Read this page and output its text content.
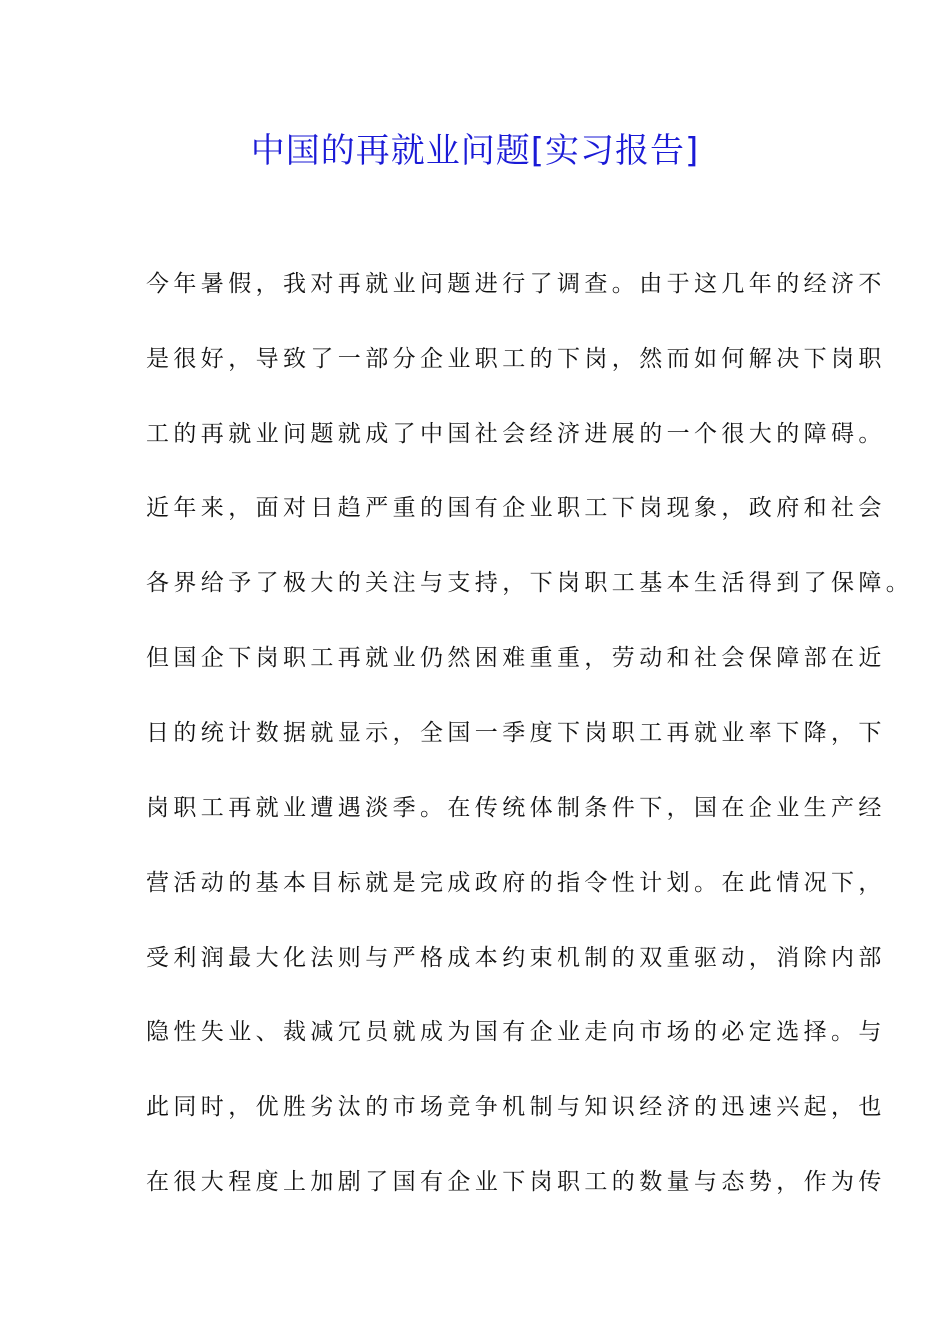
中国的再就业问题[实习报告]
今年暑假，我对再就业问题进行了调查。由于这几年的经济不
是很好，导致了一部分企业职工的下岗，然而如何解决下岗职
工的再就业问题就成了中国社会经济进展的一个很大的障碍。
近年来，面对日趋严重的国有企业职工下岗现象，政府和社会
各界给予了极大的关注与支持，下岗职工基本生活得到了保障。
但国企下岗职工再就业仍然困难重重，劳动和社会保障部在近
日的统计数据就显示，全国一季度下岗职工再就业率下降，下
岗职工再就业遭遇淡季。在传统体制条件下，国在企业生产经
营活动的基本目标就是完成政府的指令性计划。在此情况下，
受利润最大化法则与严格成本约束机制的双重驱动，消除内部
隐性失业、裁减冗员就成为国有企业走向市场的必定选择。与
此同时，优胜劣汰的市场竞争机制与知识经济的迅速兴起，也
在很大程度上加剧了国有企业下岗职工的数量与态势，作为传
